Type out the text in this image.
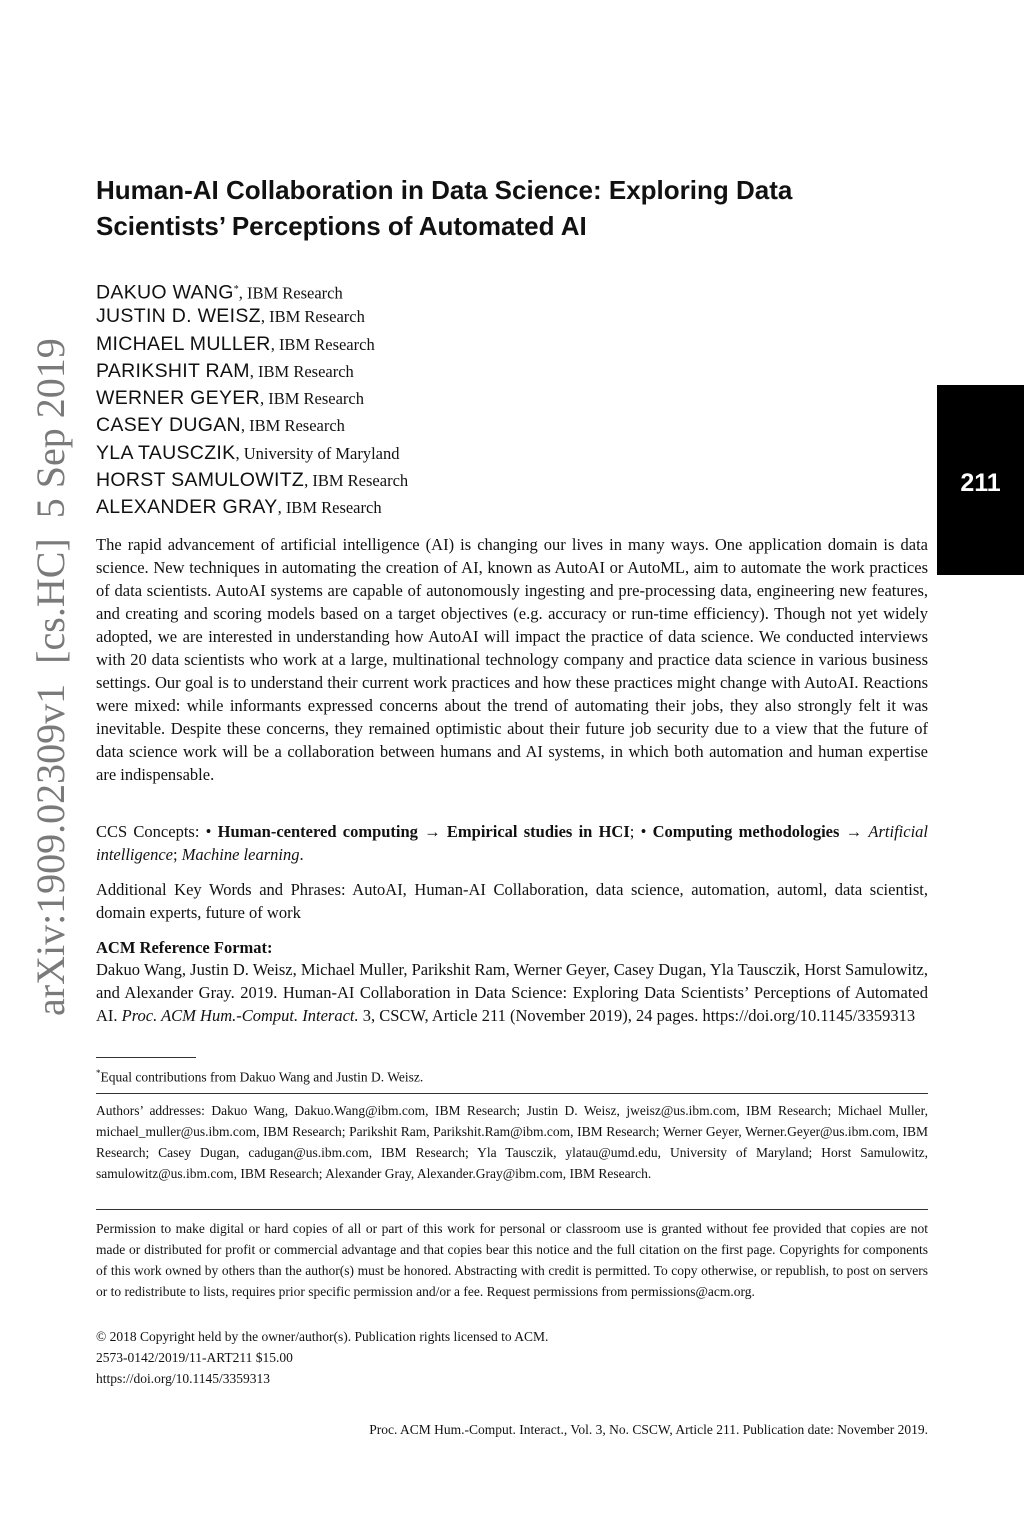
arXiv:1909.02309v1  [cs.HC]  5 Sep 2019	211
Human-AI Collaboration in Data Science: Exploring Data Scientists’ Perceptions of Automated AI
DAKUO WANG*, IBM Research
JUSTIN D. WEISZ, IBM Research
MICHAEL MULLER, IBM Research
PARIKSHIT RAM, IBM Research
WERNER GEYER, IBM Research
CASEY DUGAN, IBM Research
YLA TAUSCZIK, University of Maryland
HORST SAMULOWITZ, IBM Research
ALEXANDER GRAY, IBM Research

The rapid advancement of artificial intelligence (AI) is changing our lives in many ways. One application domain is data science. New techniques in automating the creation of AI, known as AutoAI or AutoML, aim to automate the work practices of data scientists. AutoAI systems are capable of autonomously ingesting and pre-processing data, engineering new features, and creating and scoring models based on a target objectives (e.g. accuracy or run-time efficiency). Though not yet widely adopted, we are interested in understanding how AutoAI will impact the practice of data science. We conducted interviews with 20 data scientists who work at a large, multinational technology company and practice data science in various business settings. Our goal is to understand their current work practices and how these practices might change with AutoAI. Reactions were mixed: while informants expressed concerns about the trend of automating their jobs, they also strongly felt it was inevitable. Despite these concerns, they remained optimistic about their future job security due to a view that the future of data science work will be a collaboration between humans and AI systems, in which both automation and human expertise are indispensable.

CCS Concepts: • Human-centered computing → Empirical studies in HCI; • Computing methodologies → Artificial intelligence; Machine learning.

Additional Key Words and Phrases: AutoAI, Human-AI Collaboration, data science, automation, automl, data scientist, domain experts, future of work

ACM Reference Format:

Dakuo Wang, Justin D. Weisz, Michael Muller, Parikshit Ram, Werner Geyer, Casey Dugan, Yla Tausczik, Horst Samulowitz, and Alexander Gray. 2019. Human-AI Collaboration in Data Science: Exploring Data Scientists’ Perceptions of Automated AI. Proc. ACM Hum.-Comput. Interact. 3, CSCW, Article 211 (November 2019), 24 pages. https://doi.org/10.1145/3359313

*Equal contributions from Dakuo Wang and Justin D. Weisz.

Authors’ addresses: Dakuo Wang, Dakuo.Wang@ibm.com, IBM Research; Justin D. Weisz, jweisz@us.ibm.com, IBM Research; Michael Muller, michael_muller@us.ibm.com, IBM Research; Parikshit Ram, Parikshit.Ram@ibm.com, IBM Research; Werner Geyer, Werner.Geyer@us.ibm.com, IBM Research; Casey Dugan, cadugan@us.ibm.com, IBM Research; Yla Tausczik, ylatau@umd.edu, University of Maryland; Horst Samulowitz, samulowitz@us.ibm.com, IBM Research; Alexander Gray, Alexander.Gray@ibm.com, IBM Research.

Permission to make digital or hard copies of all or part of this work for personal or classroom use is granted without fee provided that copies are not made or distributed for profit or commercial advantage and that copies bear this notice and the full citation on the first page. Copyrights for components of this work owned by others than the author(s) must be honored. Abstracting with credit is permitted. To copy otherwise, or republish, to post on servers or to redistribute to lists, requires prior specific permission and/or a fee. Request permissions from permissions@acm.org.

© 2018 Copyright held by the owner/author(s). Publication rights licensed to ACM.
2573-0142/2019/11-ART211 $15.00
https://doi.org/10.1145/3359313
Proc. ACM Hum.-Comput. Interact., Vol. 3, No. CSCW, Article 211. Publication date: November 2019.
